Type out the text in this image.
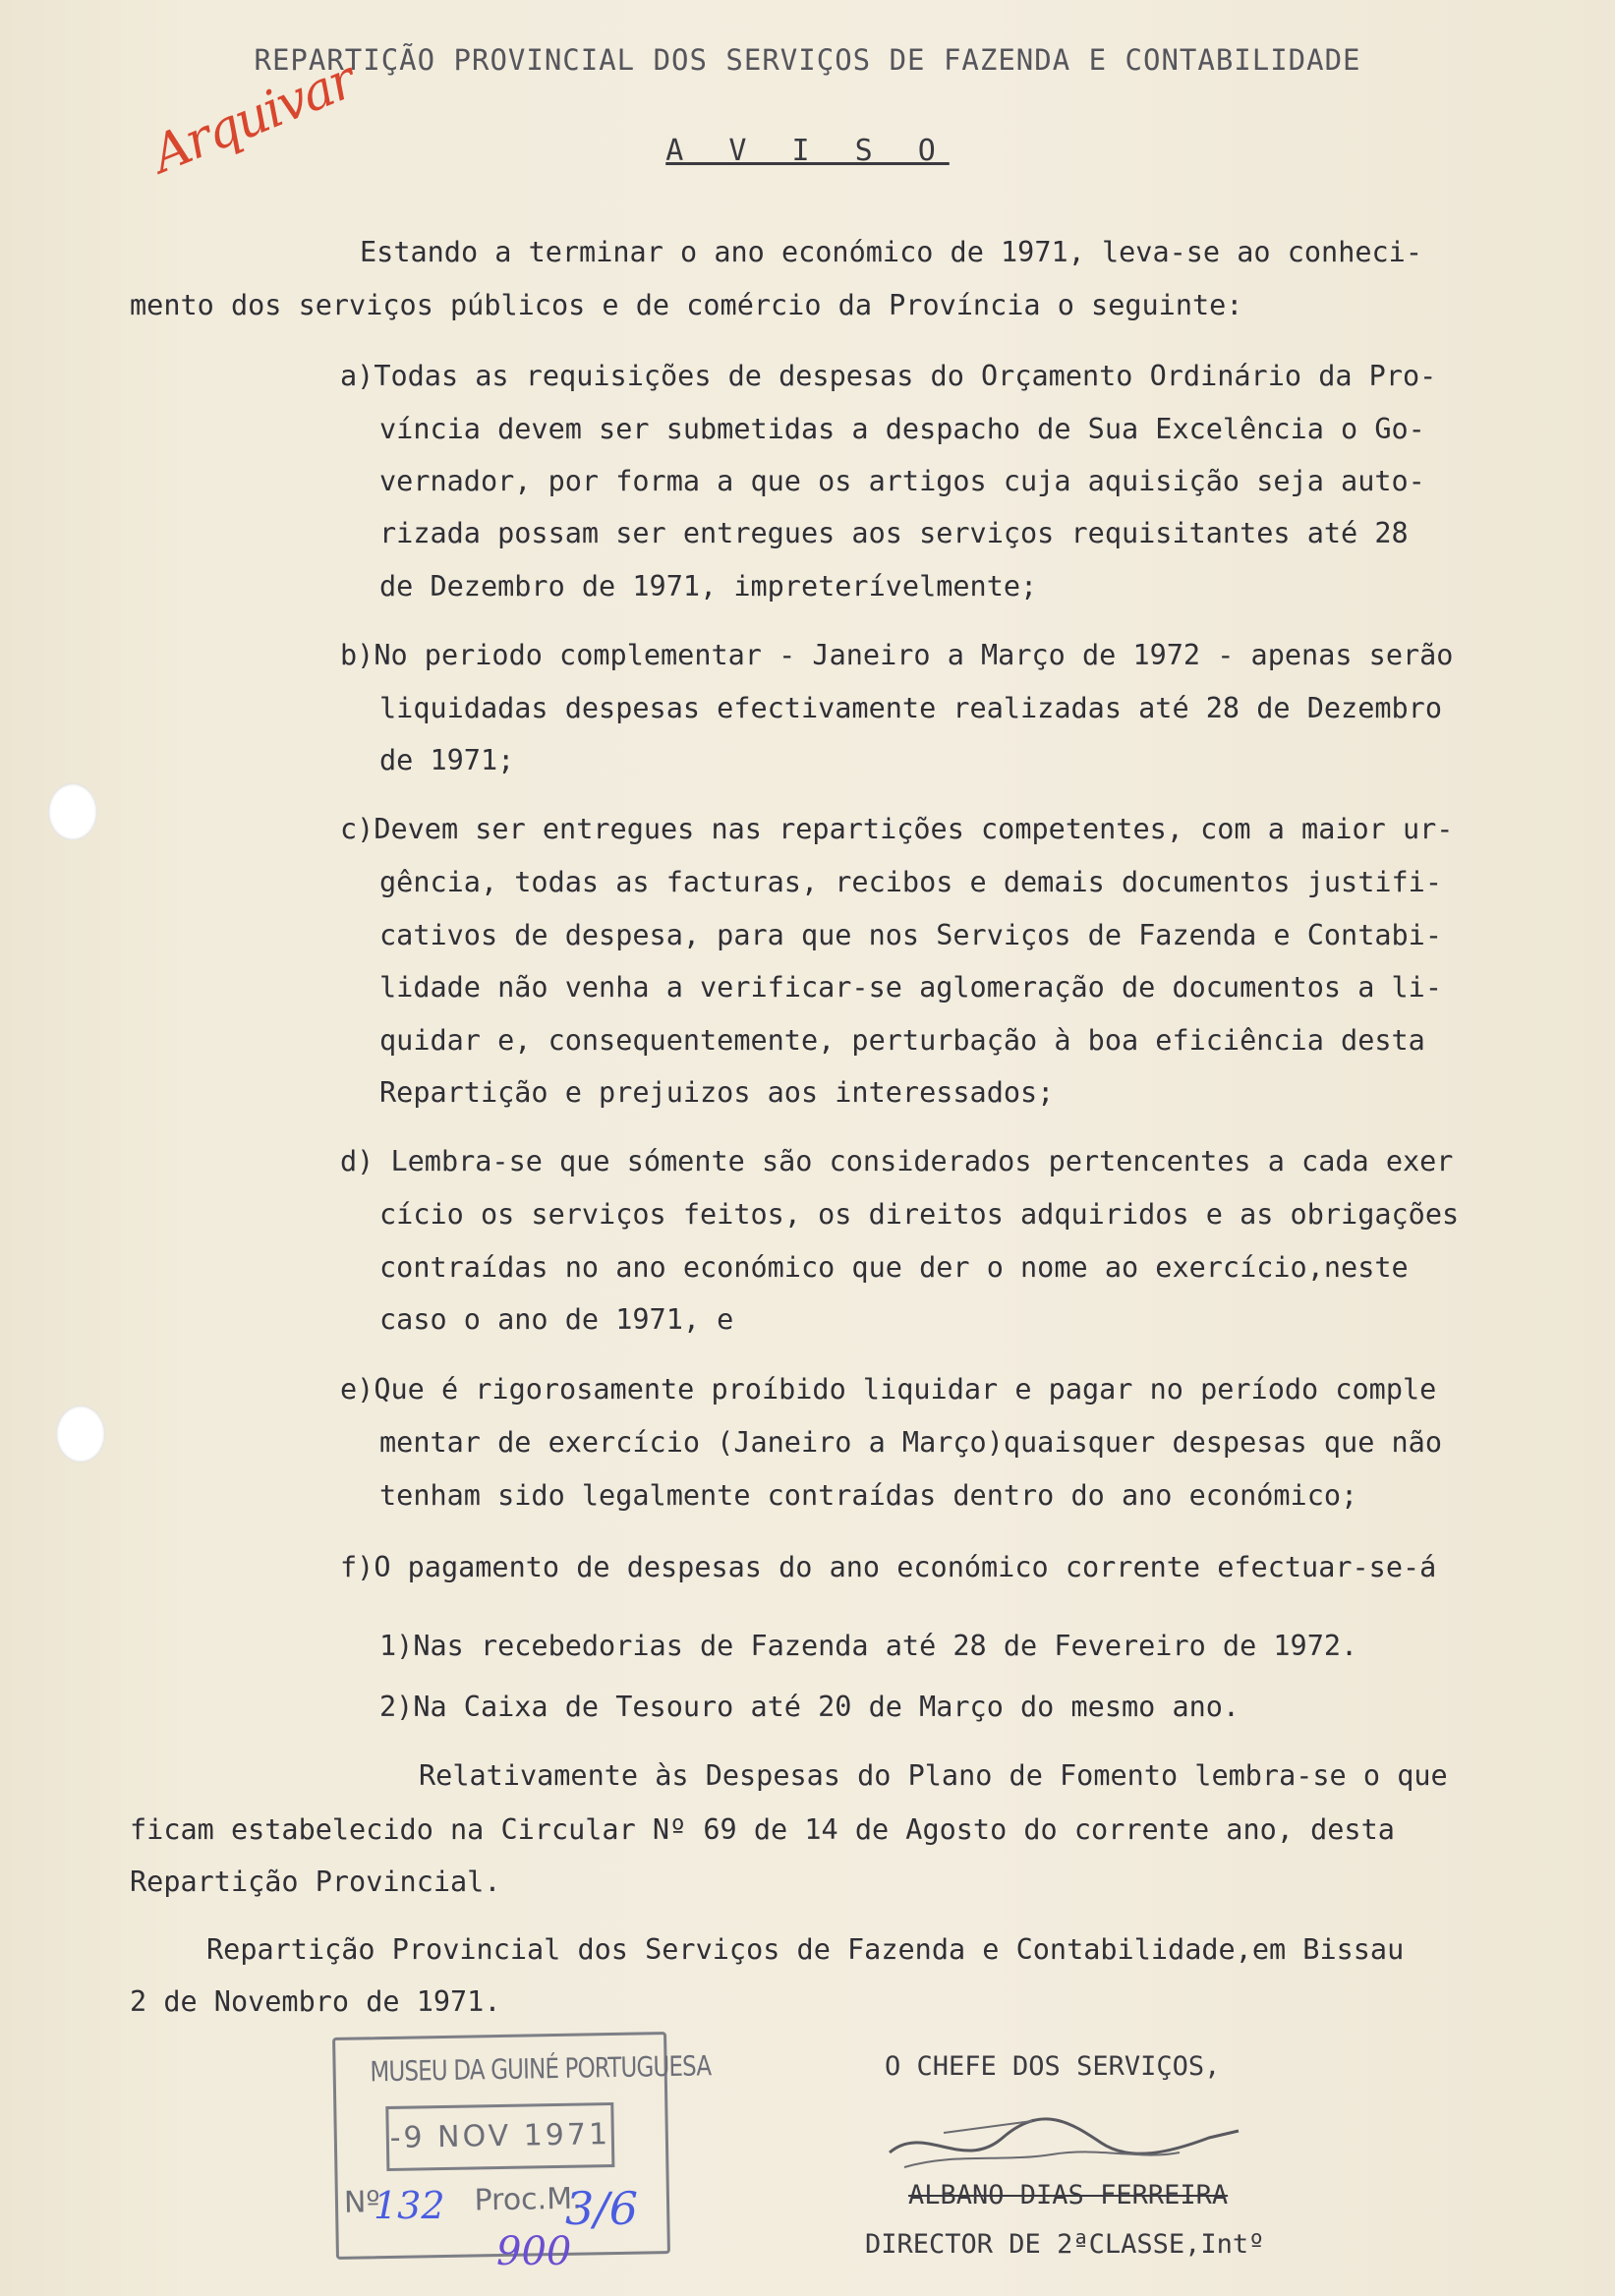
REPARTIÇÃO PROVINCIAL DOS SERVIÇOS DE FAZENDA E CONTABILIDADE
A V I S O
Arquivar
Estando a terminar o ano económico de 1971, leva-se ao conheci-
mento dos serviços públicos e de comércio da Província o seguinte:
a)Todas as requisições de despesas do Orçamento Ordinário da Pro-
víncia devem ser submetidas a despacho de Sua Excelência o Go-
vernador, por forma a que os artigos cuja aquisição seja auto-
rizada possam ser entregues aos serviços requisitantes até 28
de Dezembro de 1971, impreterívelmente;
b)No periodo complementar - Janeiro a Março de 1972 - apenas serão
liquidadas despesas efectivamente realizadas até 28 de Dezembro
de 1971;
c)Devem ser entregues nas repartições competentes, com a maior ur-
gência, todas as facturas, recibos e demais documentos justifi-
cativos de despesa, para que nos Serviços de Fazenda e Contabi-
lidade não venha a verificar-se aglomeração de documentos a li-
quidar e, consequentemente, perturbação à boa eficiência desta
Repartição e prejuizos aos interessados;
d) Lembra-se que sómente são considerados pertencentes a cada exer
cício os serviços feitos, os direitos adquiridos e as obrigações
contraídas no ano económico que der o nome ao exercício,neste
caso o ano de 1971, e
e)Que é rigorosamente proíbido liquidar e pagar no período comple
mentar de exercício (Janeiro a Março)quaisquer despesas que não
tenham sido legalmente contraídas dentro do ano económico;
f)O pagamento de despesas do ano económico corrente efectuar-se-á
1)Nas recebedorias de Fazenda até 28 de Fevereiro de 1972.
2)Na Caixa de Tesouro até 20 de Março do mesmo ano.
Relativamente às Despesas do Plano de Fomento lembra-se o que
ficam estabelecido na Circular Nº 69 de 14 de Agosto do corrente ano, desta
Repartição Provincial.
Repartição Provincial dos Serviços de Fazenda e Contabilidade,em Bissau
2 de Novembro de 1971.
MUSEU DA GUINÉ PORTUGUESA
-9 NOV 1971
Nº	Proc.M.
132	3/6
900
O CHEFE DOS SERVIÇOS,
ALBANO DIAS FERREIRA
DIRECTOR DE 2ªCLASSE,Intº
